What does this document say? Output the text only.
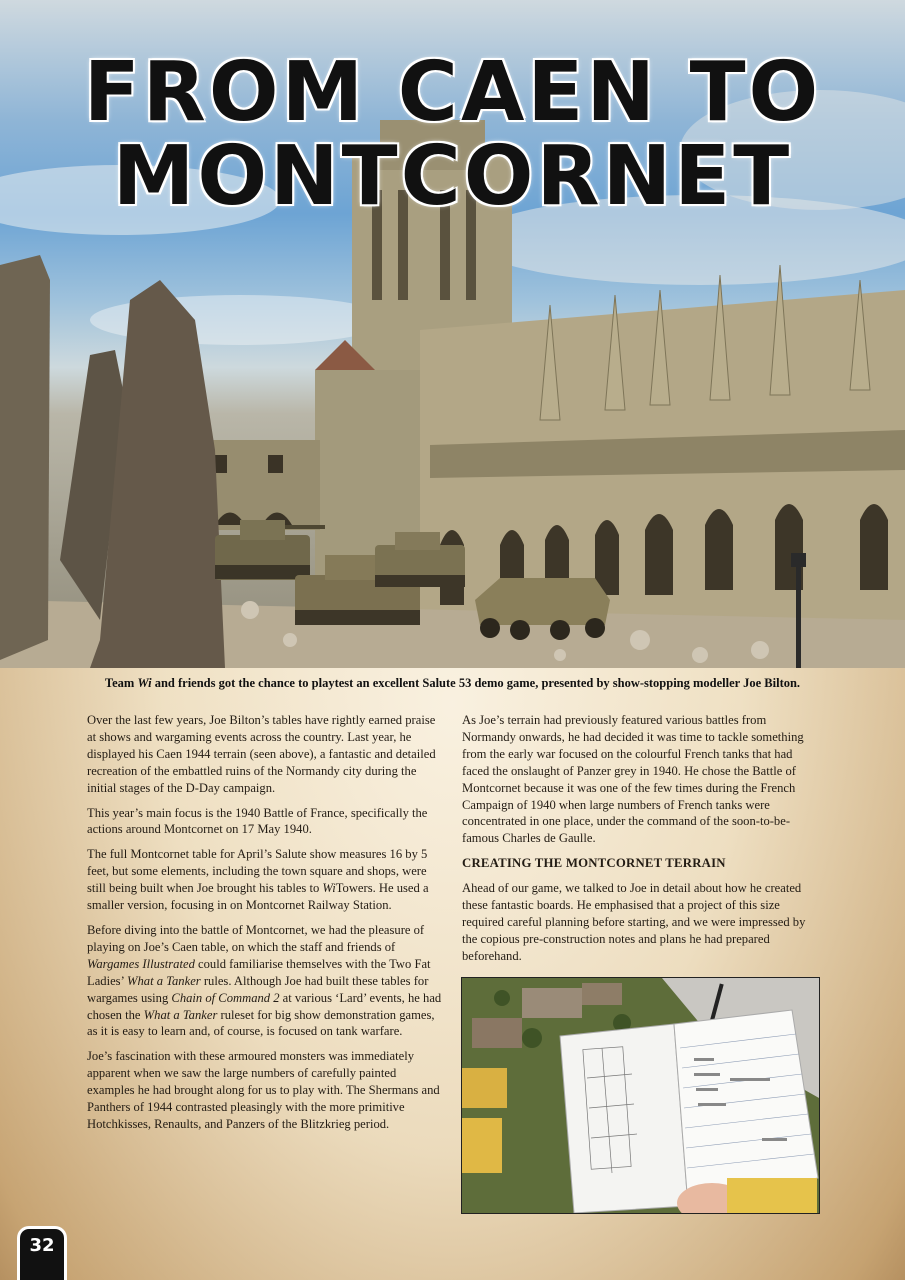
FROM CAEN TO
MONTCORNET
Team Wi and friends got the chance to playtest an excellent Salute 53 demo game, presented by show-stopping modeller Joe Bilton.

Over the last few years, Joe Bilton’s tables have rightly earned praise at shows and wargaming events across the country. Last year, he displayed his Caen 1944 terrain (seen above), a fantastic and detailed recreation of the embattled ruins of the Normandy city during the initial stages of the D-Day campaign.

This year’s main focus is the 1940 Battle of France, specifically the actions around Montcornet on 17 May 1940.

The full Montcornet table for April’s Salute show measures 16 by 5 feet, but some elements, including the town square and shops, were still being built when Joe brought his tables to WiTowers. He used a smaller version, focusing in on Montcornet Railway Station.

Before diving into the battle of Montcornet, we had the pleasure of playing on Joe’s Caen table, on which the staff and friends of Wargames Illustrated could familiarise themselves with the Two Fat Ladies’ What a Tanker rules. Although Joe had built these tables for wargames using Chain of Command 2 at various ‘Lard’ events, he had chosen the What a Tanker ruleset for big show demonstration games, as it is easy to learn and, of course, is focused on tank warfare.

Joe’s fascination with these armoured monsters was immediately apparent when we saw the large numbers of carefully painted examples he had brought along for us to play with. The Shermans and Panthers of 1944 contrasted pleasingly with the more primitive Hotchkisses, Renaults, and Panzers of the Blitzkrieg period.

As Joe’s terrain had previously featured various battles from Normandy onwards, he had decided it was time to tackle something from the early war focused on the colourful French tanks that had faced the onslaught of Panzer grey in 1940. He chose the Battle of Montcornet because it was one of the few times during the French Campaign of 1940 when large numbers of French tanks were concentrated in one place, under the command of the soon-to-be-famous Charles de Gaulle.

CREATING THE MONTCORNET TERRAIN

Ahead of our game, we talked to Joe in detail about how he created these fantastic boards. He emphasised that a project of this size required careful planning before starting, and we were impressed by the copious pre-construction notes and plans he had prepared beforehand.

32
